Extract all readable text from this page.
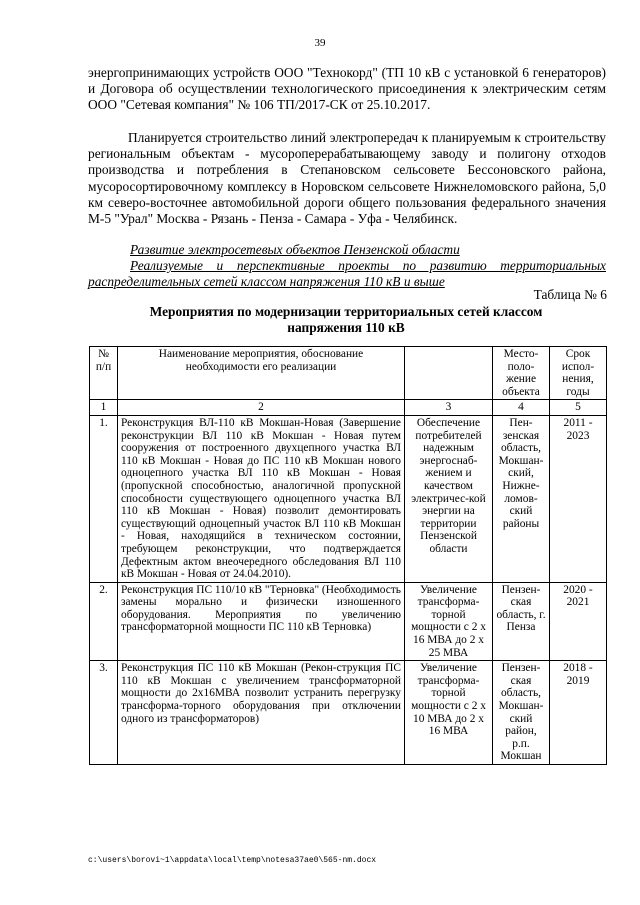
39
энергопринимающих устройств ООО "Технокорд" (ТП 10 кВ с установкой 6 генераторов) и Договора об осуществлении технологического присоединения к электрическим сетям ООО "Сетевая компания" № 106 ТП/2017-СК от 25.10.2017.
Планируется строительство линий электропередач к планируемым к строительству региональным объектам - мусороперерабатывающему заводу и полигону отходов производства и потребления в Степановском сельсовете Бессоновского района, мусоросортировочному комплексу в Норовском сельсовете Нижнеломовского района, 5,0 км северо-восточнее автомобильной дороги общего пользования федерального значения М-5 "Урал" Москва - Рязань - Пенза - Самара - Уфа - Челябинск.
Развитие электросетевых объектов Пензенской области
Реализуемые и перспективные проекты по развитию территориальных распределительных сетей классом напряжения 110 кВ и выше
Таблица № 6
Мероприятия по модернизации территориальных сетей классом напряжения 110 кВ
№ п/п	Наименование мероприятия, обоснование необходимости его реализации		Место-поло-жение объекта	Срок испол-нения, годы
1	2	3	4	5
1.	Реконструкция ВЛ-110 кВ Мокшан-Новая (Завершение реконструкции ВЛ 110 кВ Мокшан - Новая путем сооружения от построенного двухцепного участка ВЛ 110 кВ Мокшан - Новая до ПС 110 кВ Мокшан нового одноцепного участка ВЛ 110 кВ Мокшан - Новая (пропускной способностью, аналогичной пропускной способности существующего одноцепного участка ВЛ 110 кВ Мокшан - Новая) позволит демонтировать существующий одноцепный участок ВЛ 110 кВ Мокшан - Новая, находящийся в техническом состоянии, требующем реконструкции, что подтверждается Дефектным актом внеочередного обследования ВЛ 110 кВ Мокшан - Новая от 24.04.2010).	Обеспечение потребителей надежным энергоснаб-жением и качеством электричес-кой энергии на территории Пензенской области	Пен-зенская область, Мокшан-ский, Нижне-ломов-ский районы	2011 - 2023
2.	Реконструкция ПС 110/10 кВ "Терновка" (Необходимость замены морально и физически изношенного оборудования. Мероприятия по увеличению трансформаторной мощности ПС 110 кВ Терновка)	Увеличение трансформа-торной мощности с 2 х 16 МВА до 2 х 25 МВА	Пензен-ская область, г. Пенза	2020 - 2021
3.	Реконструкция ПС 110 кВ Мокшан (Рекон-струкция ПС 110 кВ Мокшан с увеличением трансформаторной мощности до 2х16МВА позволит устранить перегрузку трансформа-торного оборудования при отключении одного из трансформаторов)	Увеличение трансформа-торной мощности с 2 х 10 МВА до 2 х 16 МВА	Пензен-ская область, Мокшан-ский район, р.п. Мокшан	2018 - 2019
c:\users\borovi~1\appdata\local\temp\notesa37ae0\565-nm.docx
